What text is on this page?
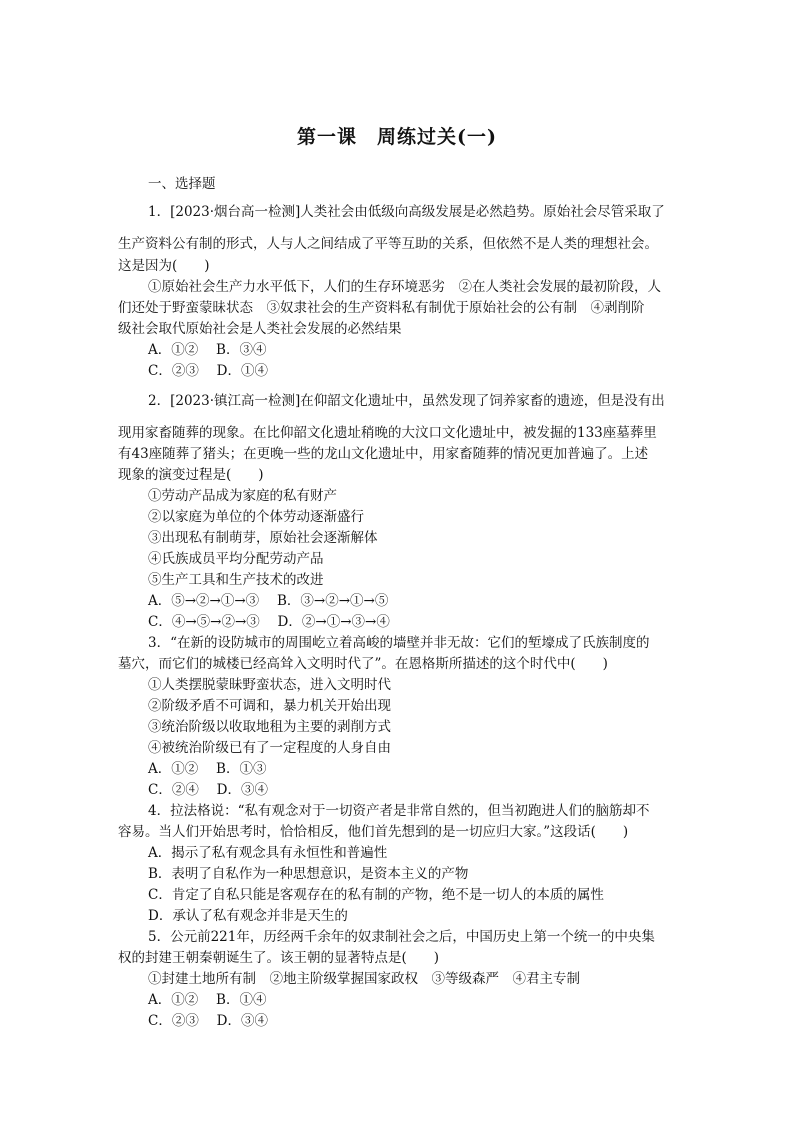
第一课　周练过关(一)
一、选择题
1．[2023·烟台高一检测]人类社会由低级向高级发展是必然趋势。原始社会尽管采取了
生产资料公有制的形式，人与人之间结成了平等互助的关系，但依然不是人类的理想社会。
这是因为(　　)
①原始社会生产力水平低下，人们的生存环境恶劣　②在人类社会发展的最初阶段，人
们还处于野蛮蒙昧状态　③奴隶社会的生产资料私有制优于原始社会的公有制　④剥削阶
级社会取代原始社会是人类社会发展的必然结果
A．①②　 B．③④
C．②③　 D．①④
2．[2023·镇江高一检测]在仰韶文化遗址中，虽然发现了饲养家畜的遗迹，但是没有出
现用家畜随葬的现象。在比仰韶文化遗址稍晚的大汶口文化遗址中，被发掘的133座墓葬里
有43座随葬了猪头；在更晚一些的龙山文化遗址中，用家畜随葬的情况更加普遍了。上述
现象的演变过程是(　　)
①劳动产品成为家庭的私有财产
②以家庭为单位的个体劳动逐渐盛行
③出现私有制萌芽，原始社会逐渐解体
④氏族成员平均分配劳动产品
⑤生产工具和生产技术的改进
A．⑤→②→①→③　 B．③→②→①→⑤
C．④→⑤→②→③　 D．②→①→③→④
3．“在新的设防城市的周围屹立着高峻的墙壁并非无故：它们的堑壕成了氏族制度的
墓穴，而它们的城楼已经高耸入文明时代了”。在恩格斯所描述的这个时代中(　　)
①人类摆脱蒙昧野蛮状态，进入文明时代
②阶级矛盾不可调和，暴力机关开始出现
③统治阶级以收取地租为主要的剥削方式
④被统治阶级已有了一定程度的人身自由
A．①②　 B．①③
C．②④　 D．③④
4．拉法格说：“私有观念对于一切资产者是非常自然的，但当初跑进人们的脑筋却不
容易。当人们开始思考时，恰恰相反，他们首先想到的是一切应归大家。”这段话(　　)
A．揭示了私有观念具有永恒性和普遍性
B．表明了自私作为一种思想意识，是资本主义的产物
C．肯定了自私只能是客观存在的私有制的产物，绝不是一切人的本质的属性
D．承认了私有观念并非是天生的
5．公元前221年，历经两千余年的奴隶制社会之后，中国历史上第一个统一的中央集
权的封建王朝秦朝诞生了。该王朝的显著特点是(　　)
①封建土地所有制　②地主阶级掌握国家政权　③等级森严　④君主专制
A．①②　 B．①④
C．②③　 D．③④
